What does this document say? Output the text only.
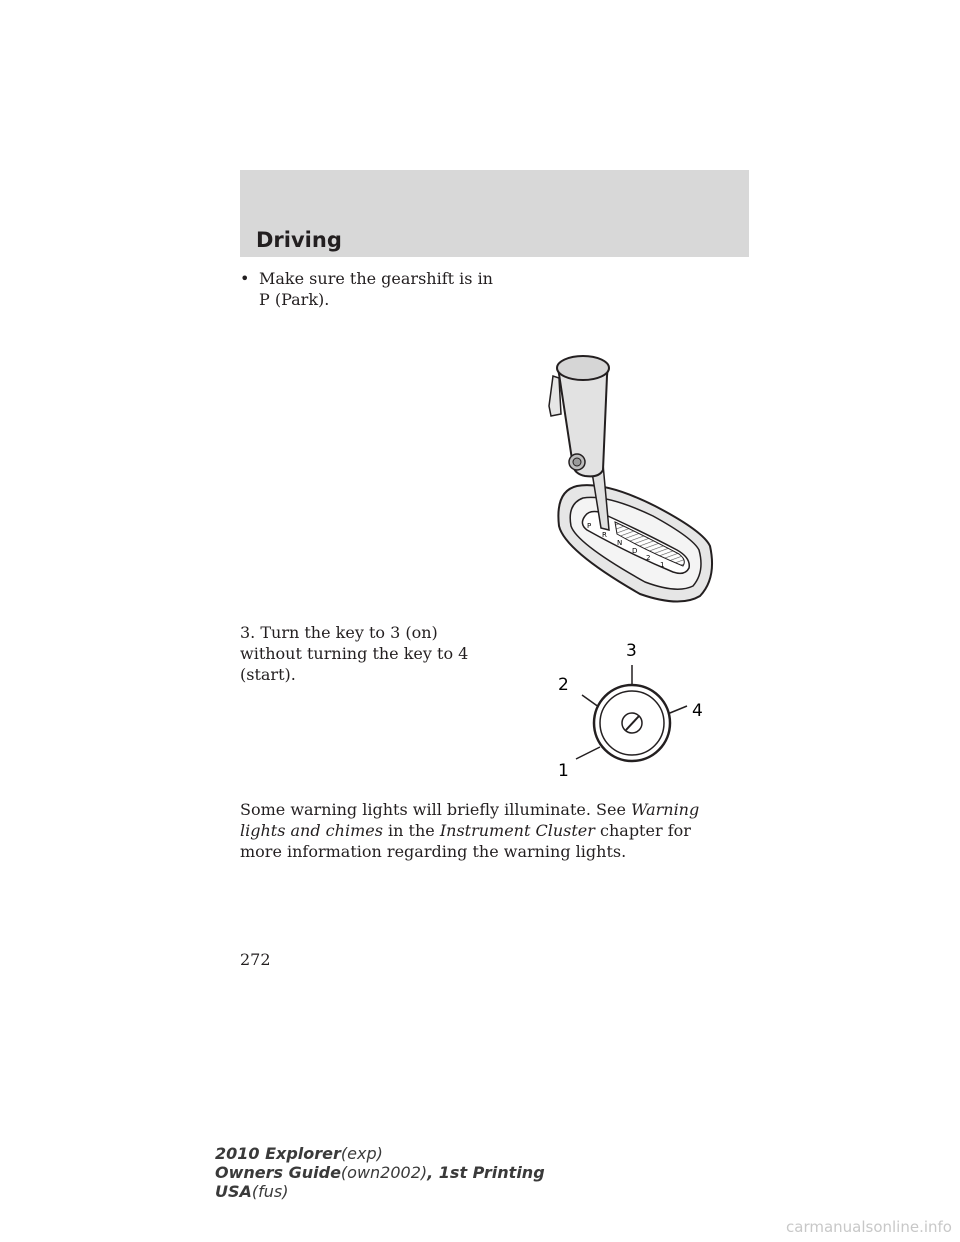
Driving
• Make sure the gearshift is in P (Park).
P
R
N
D
2
1
3. Turn the key to 3 (on) without turning the key to 4 (start).
2
3
4
1
Some warning lights will briefly illuminate. See Warning lights and chimes in the Instrument Cluster chapter for more information regarding the warning lights.
272
2010 Explorer(exp)
Owners Guide(own2002), 1st Printing
USA(fus)
carmanualsonline.info
